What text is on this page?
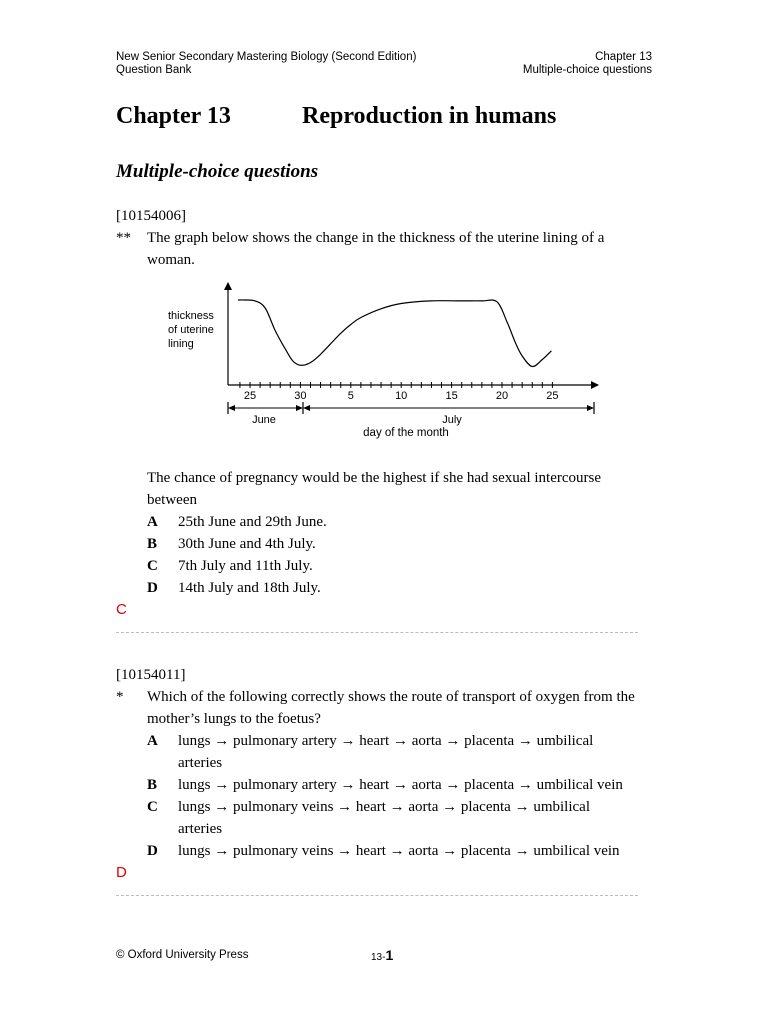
New Senior Secondary Mastering Biology (Second Edition)
Question Bank
Chapter 13
Multiple-choice questions
Chapter 13	Reproduction in humans
Multiple-choice questions
[10154006]
** The graph below shows the change in the thickness of the uterine lining of a
woman.
thickness
of uterine
lining
25	30	5	10	15	20	25
June	July
day of the month
The chance of pregnancy would be the highest if she had sexual intercourse
between
A 25th June and 29th June.
B 30th June and 4th July.
C 7th July and 11th July.
D 14th July and 18th July.
C
[10154011]
* Which of the following correctly shows the route of transport of oxygen from the
mother’s lungs to the foetus?
A lungs → pulmonary artery → heart → aorta → placenta → umbilical
arteries
B lungs → pulmonary artery → heart → aorta → placenta → umbilical vein
C lungs → pulmonary veins → heart → aorta → placenta → umbilical
arteries
D lungs → pulmonary veins → heart → aorta → placenta → umbilical vein
D
© Oxford University Press	13-1
